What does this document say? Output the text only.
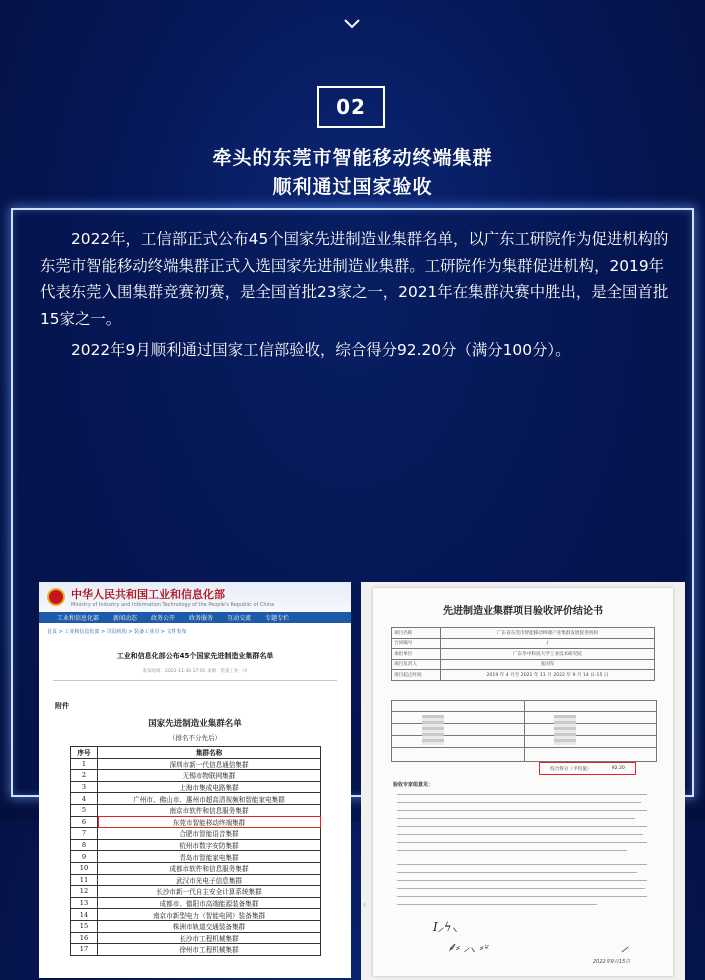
02
牵头的东莞市智能移动终端集群
顺利通过国家验收

2022年，工信部正式公布45个国家先进制造业集群名单，以广东工研院作为促进机构的东莞市智能移动终端集群正式入选国家先进制造业集群。工研院作为集群促进机构，2019年代表东莞入围集群竞赛初赛，是全国首批23家之一，2021年在集群决赛中胜出，是全国首批15家之一。

2022年9月顺利通过国家工信部验收，综合得分92.20分（满分100分）。

中华人民共和国工业和信息化部
Ministry of Industry and Information Technology of the People's Republic of China
工业和信息化部 新闻动态 政务公开 政务服务 互动交流 专题专栏
首页 > 工业和信息化部 > 司局机构 > 装备工业司 > 文件发布
工业和信息化部公布45个国家先进制造业集群名单
发布时间：2022-11-30 17:01 来源：装备工业一司
附件
国家先进制造业集群名单
（排名不分先后）
序号	集群名称
1	深圳市新一代信息通信集群
2	无锡市物联网集群
3	上海市集成电路集群
4	广州市、佛山市、惠州市超高清视频和智能家电集群
5	南京市软件和信息服务集群
6	东莞市智能移动终端集群
7	合肥市智能语音集群
8	杭州市数字安防集群
9	青岛市智能家电集群
10	成都市软件和信息服务集群
11	武汉市光电子信息集群
12	长沙市新一代自主安全计算系统集群
13	成都市、德阳市高端能源装备集群
14	南京市新型电力（智能电网）装备集群
15	株洲市轨道交通装备集群
16	长沙市工程机械集群
17	徐州市工程机械集群
‹
先进制造业集群项目验收评价结论书
项目名称	广东省东莞市智能移动终端产业集群发展促进机构
合同编号	/
承担单位	广东华中科技大学工业技术研究院
项目负责人	张国军
项目起止时间	2019 年 4 月至 2021 年 11 月 2022 年 9 月 14 日-15 日
综合得分（平均值）	92.20
验收专家组意见：
Ⅰ⸝ϟ⸜
⸙⸗ ⸝⸜ ⸗⸚	⸝
2022年9月15日
